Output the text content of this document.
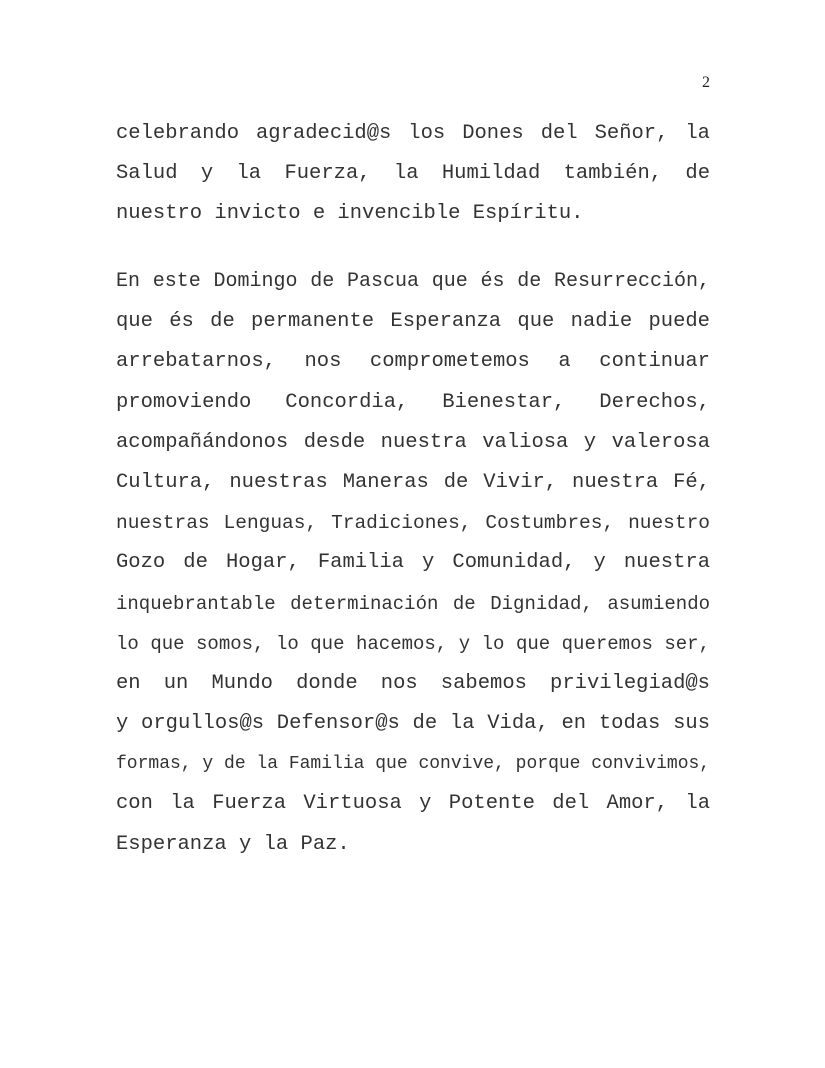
2
celebrando agradecid@s los Dones del Señor, la
Salud y la Fuerza, la Humildad también, de
nuestro invicto e invencible Espíritu.
En este Domingo de Pascua que és de Resurrección,
que és de permanente Esperanza que nadie puede
arrebatarnos, nos comprometemos a continuar
promoviendo Concordia, Bienestar, Derechos,
acompañándonos desde nuestra valiosa y valerosa
Cultura, nuestras Maneras de Vivir, nuestra Fé,
nuestras Lenguas, Tradiciones, Costumbres, nuestro
Gozo de Hogar, Familia y Comunidad, y nuestra
inquebrantable determinación de Dignidad, asumiendo
lo que somos, lo que hacemos, y lo que queremos ser,
en un Mundo donde nos sabemos privilegiad@s
y orgullos@s Defensor@s de la Vida, en todas sus
formas, y de la Familia que convive, porque convivimos,
con la Fuerza Virtuosa y Potente del Amor, la
Esperanza y la Paz.
